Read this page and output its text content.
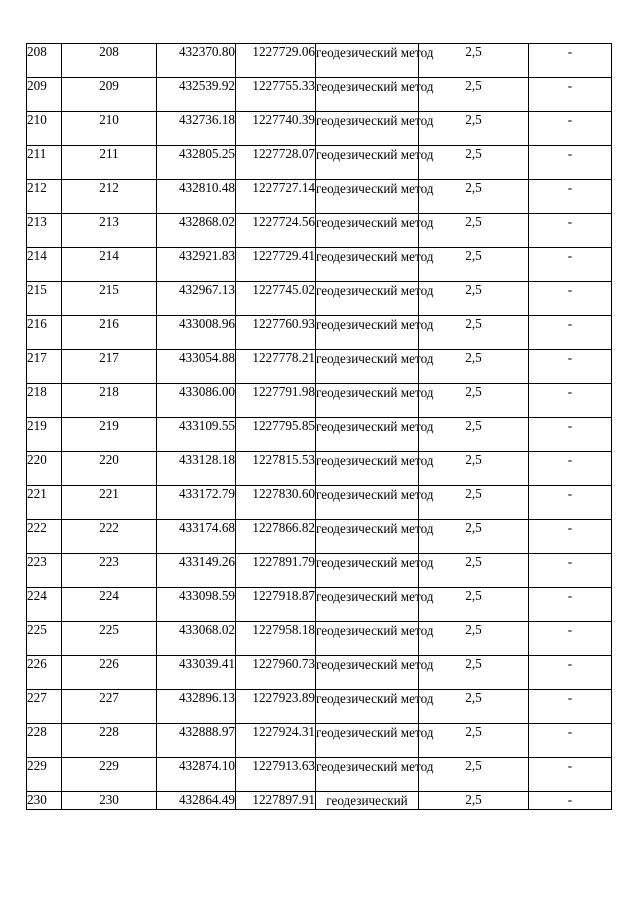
208	208	432370.80	1227729.06	геодезический метод	2,5	-
209	209	432539.92	1227755.33	геодезический метод	2,5	-
210	210	432736.18	1227740.39	геодезический метод	2,5	-
211	211	432805.25	1227728.07	геодезический метод	2,5	-
212	212	432810.48	1227727.14	геодезический метод	2,5	-
213	213	432868.02	1227724.56	геодезический метод	2,5	-
214	214	432921.83	1227729.41	геодезический метод	2,5	-
215	215	432967.13	1227745.02	геодезический метод	2,5	-
216	216	433008.96	1227760.93	геодезический метод	2,5	-
217	217	433054.88	1227778.21	геодезический метод	2,5	-
218	218	433086.00	1227791.98	геодезический метод	2,5	-
219	219	433109.55	1227795.85	геодезический метод	2,5	-
220	220	433128.18	1227815.53	геодезический метод	2,5	-
221	221	433172.79	1227830.60	геодезический метод	2,5	-
222	222	433174.68	1227866.82	геодезический метод	2,5	-
223	223	433149.26	1227891.79	геодезический метод	2,5	-
224	224	433098.59	1227918.87	геодезический метод	2,5	-
225	225	433068.02	1227958.18	геодезический метод	2,5	-
226	226	433039.41	1227960.73	геодезический метод	2,5	-
227	227	432896.13	1227923.89	геодезический метод	2,5	-
228	228	432888.97	1227924.31	геодезический метод	2,5	-
229	229	432874.10	1227913.63	геодезический метод	2,5	-
230	230	432864.49	1227897.91	геодезический	2,5	-
